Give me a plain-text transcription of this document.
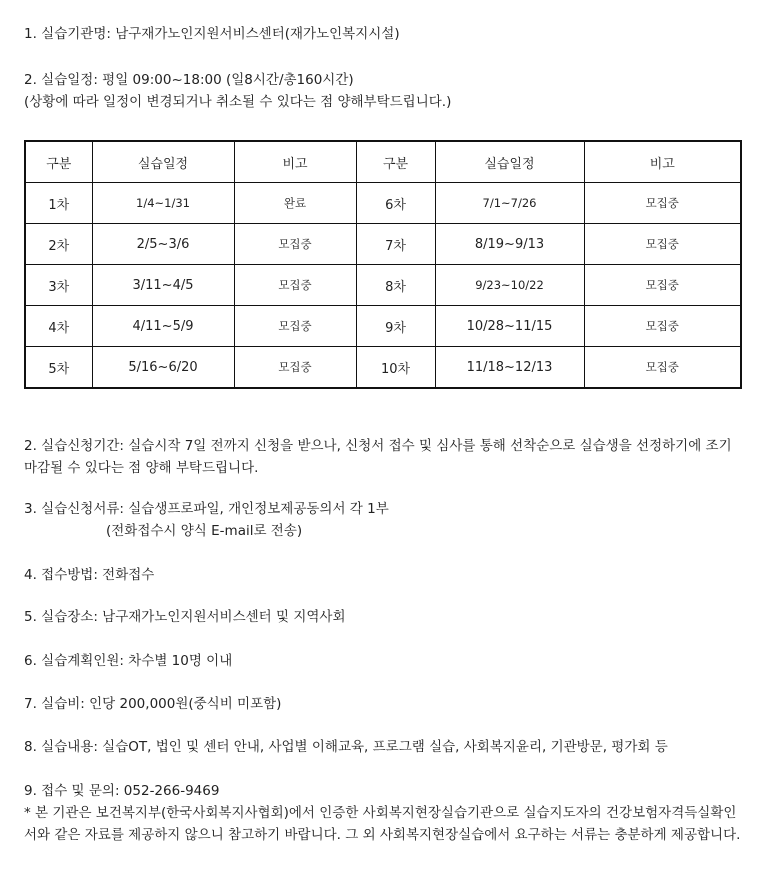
1. 실습기관명: 남구재가노인지원서비스센터(재가노인복지시설)
2. 실습일정: 평일 09:00~18:00 (일8시간/총160시간)
(상황에 따라 일정이 변경되거나 취소될 수 있다는 점 양해부탁드립니다.)
구분	실습일정	비고	구분	실습일정	비고
1차	1/4~1/31	완료	6차	7/1~7/26	모집중
2차	2/5~3/6	모집중	7차	8/19~9/13	모집중
3차	3/11~4/5	모집중	8차	9/23~10/22	모집중
4차	4/11~5/9	모집중	9차	10/28~11/15	모집중
5차	5/16~6/20	모집중	10차	11/18~12/13	모집중
2. 실습신청기간: 실습시작 7일 전까지 신청을 받으나, 신청서 접수 및 심사를 통해 선착순으로 실습생을 선정하기에 조기 마감될 수 있다는 점 양해 부탁드립니다.
3. 실습신청서류: 실습생프로파일, 개인정보제공동의서 각 1부
(전화접수시 양식 E-mail로 전송)
4. 접수방법: 전화접수
5. 실습장소: 남구재가노인지원서비스센터 및 지역사회
6. 실습계획인원: 차수별 10명 이내
7. 실습비: 인당 200,000원(중식비 미포함)
8. 실습내용: 실습OT, 법인 및 센터 안내, 사업별 이해교육, 프로그램 실습, 사회복지윤리, 기관방문, 평가회 등
9. 접수 및 문의: 052-266-9469
* 본 기관은 보건복지부(한국사회복지사협회)에서 인증한 사회복지현장실습기관으로 실습지도자의 건강보험자격득실확인서와 같은 자료를 제공하지 않으니 참고하기 바랍니다. 그 외 사회복지현장실습에서 요구하는 서류는 충분하게 제공합니다.
